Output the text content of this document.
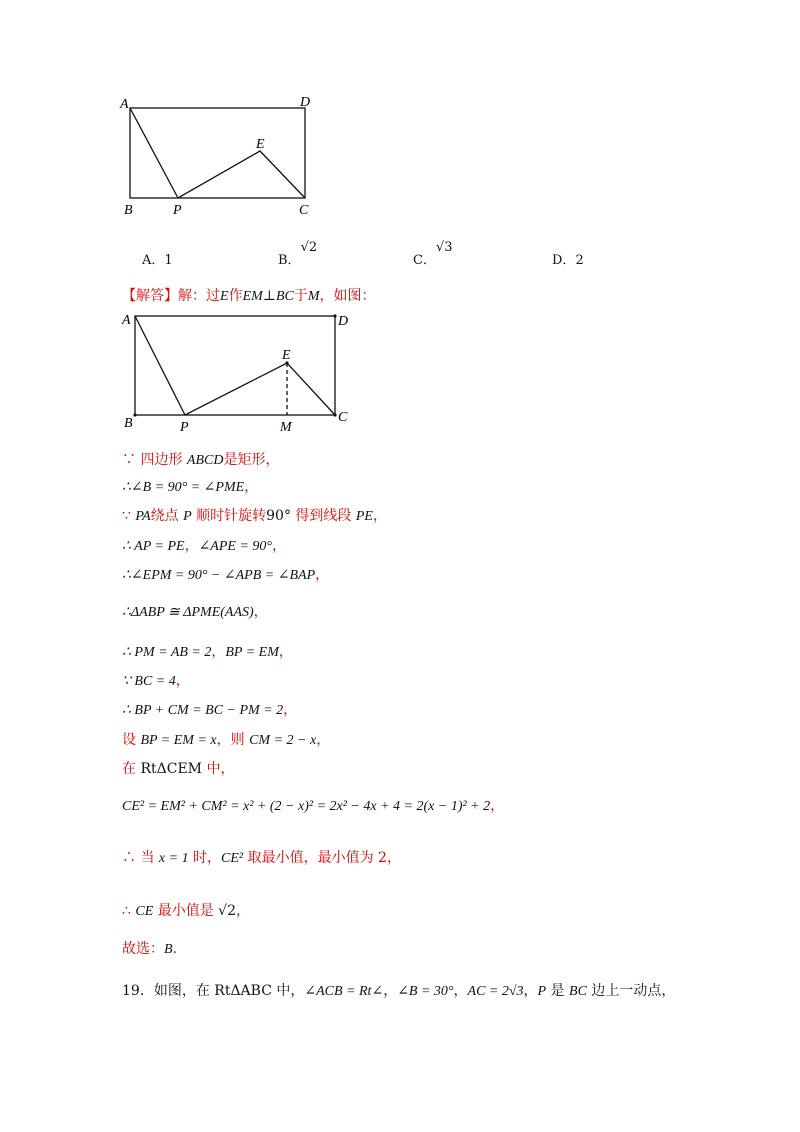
A	D
B	P
E
C
A．1	B．√2
C．√3
D．2
【解答】解：过E作EM⊥BC于M，如图：
A	D
B	P
E
M
C
∵ 四边形 ABCD是矩形，
∴∠B = 90° = ∠PME，
∵ PA绕点 P 顺时针旋转90° 得到线段 PE，
∴ AP = PE，∠APE = 90°，
∴∠EPM = 90° − ∠APB = ∠BAP，
∴ΔABP ≅ ΔPME(AAS)，
∴ PM = AB = 2，BP = EM，
∵ BC = 4，
∴ BP + CM = BC − PM = 2，
设 BP = EM = x，则 CM = 2 − x，
在 RtΔCEM 中，
CE² = EM² + CM² = x² + (2 − x)² = 2x² − 4x + 4 = 2(x − 1)² + 2，
∴ 当 x = 1 时，CE² 取最小值，最小值为 2，
∴ CE 最小值是 √2，
故选：B．
19．如图，在 RtΔABC 中，∠ACB = Rt∠，∠B = 30°，AC = 2√3，P 是 BC 边上一动点，
